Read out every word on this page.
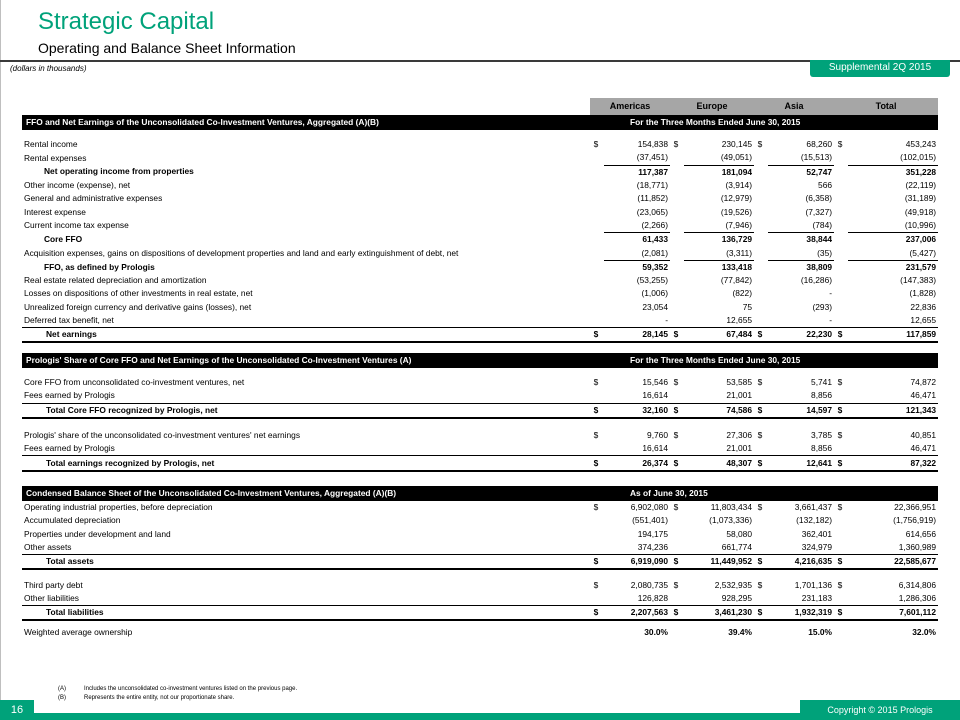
Strategic Capital
Operating and Balance Sheet Information
(dollars in thousands)	Supplemental 2Q 2015
	Americas		Europe		Asia		Total	
FFO and Net Earnings of the Unconsolidated Co-Investment Ventures, Aggregated (A)(B)	For the Three Months Ended June 30, 2015							

Rental income	$	154,838	$	230,145	$	68,260	$	453,243
Rental expenses		(37,451)		(49,051)		(15,513)		(102,015)
Net operating income from properties		117,387		181,094		52,747		351,228
Other income (expense), net		(18,771)		(3,914)		566		(22,119)
General and administrative expenses		(11,852)		(12,979)		(6,358)		(31,189)
Interest expense		(23,065)		(19,526)		(7,327)		(49,918)
Current income tax expense		(2,266)		(7,946)		(784)		(10,996)
Core FFO		61,433		136,729		38,844		237,006
Acquisition expenses, gains on dispositions of development properties and land and early extinguishment of debt, net		(2,081)		(3,311)		(35)		(5,427)
FFO, as defined by Prologis		59,352		133,418		38,809		231,579
Real estate related depreciation and amortization		(53,255)		(77,842)		(16,286)		(147,383)
Losses on dispositions of other investments in real estate, net		(1,006)		(822)		-		(1,828)
Unrealized foreign currency and derivative gains (losses), net		23,054		75		(293)		22,836
Deferred tax benefit, net		-		12,655		-		12,655
Net earnings	$	28,145	$	67,484	$	22,230	$	117,859
Prologis' Share of Core FFO and Net Earnings of the Unconsolidated Co-Investment Ventures (A)	For the Three Months Ended June 30, 2015							

Core FFO from unconsolidated co-investment ventures, net	$	15,546	$	53,585	$	5,741	$	74,872
Fees earned by Prologis		16,614		21,001		8,856		46,471
Total Core FFO recognized by Prologis, net	$	32,160	$	74,586	$	14,597	$	121,343

Prologis' share of the unconsolidated co-investment ventures' net earnings	$	9,760	$	27,306	$	3,785	$	40,851
Fees earned by Prologis		16,614		21,001		8,856		46,471
Total earnings recognized by Prologis, net	$	26,374	$	48,307	$	12,641	$	87,322
Condensed Balance Sheet of the Unconsolidated Co-Investment Ventures, Aggregated (A)(B)	As of June 30, 2015							
Operating industrial properties, before depreciation	$	6,902,080	$	11,803,434	$	3,661,437	$	22,366,951
Accumulated depreciation		(551,401)		(1,073,336)		(132,182)		(1,756,919)
Properties under development and land		194,175		58,080		362,401		614,656
Other assets		374,236		661,774		324,979		1,360,989
Total assets	$	6,919,090	$	11,449,952	$	4,216,635	$	22,585,677

Third party debt	$	2,080,735	$	2,532,935	$	1,701,136	$	6,314,806
Other liabilities		126,828		928,295		231,183		1,286,306
Total liabilities	$	2,207,563	$	3,461,230	$	1,932,319	$	7,601,112

Weighted average ownership		30.0%		39.4%		15.0%		32.0%
(A)	Includes the unconsolidated co-investment ventures listed on the previous page.
(B)	Represents the entire entity, not our proportionate share.
16	Copyright © 2015 Prologis
